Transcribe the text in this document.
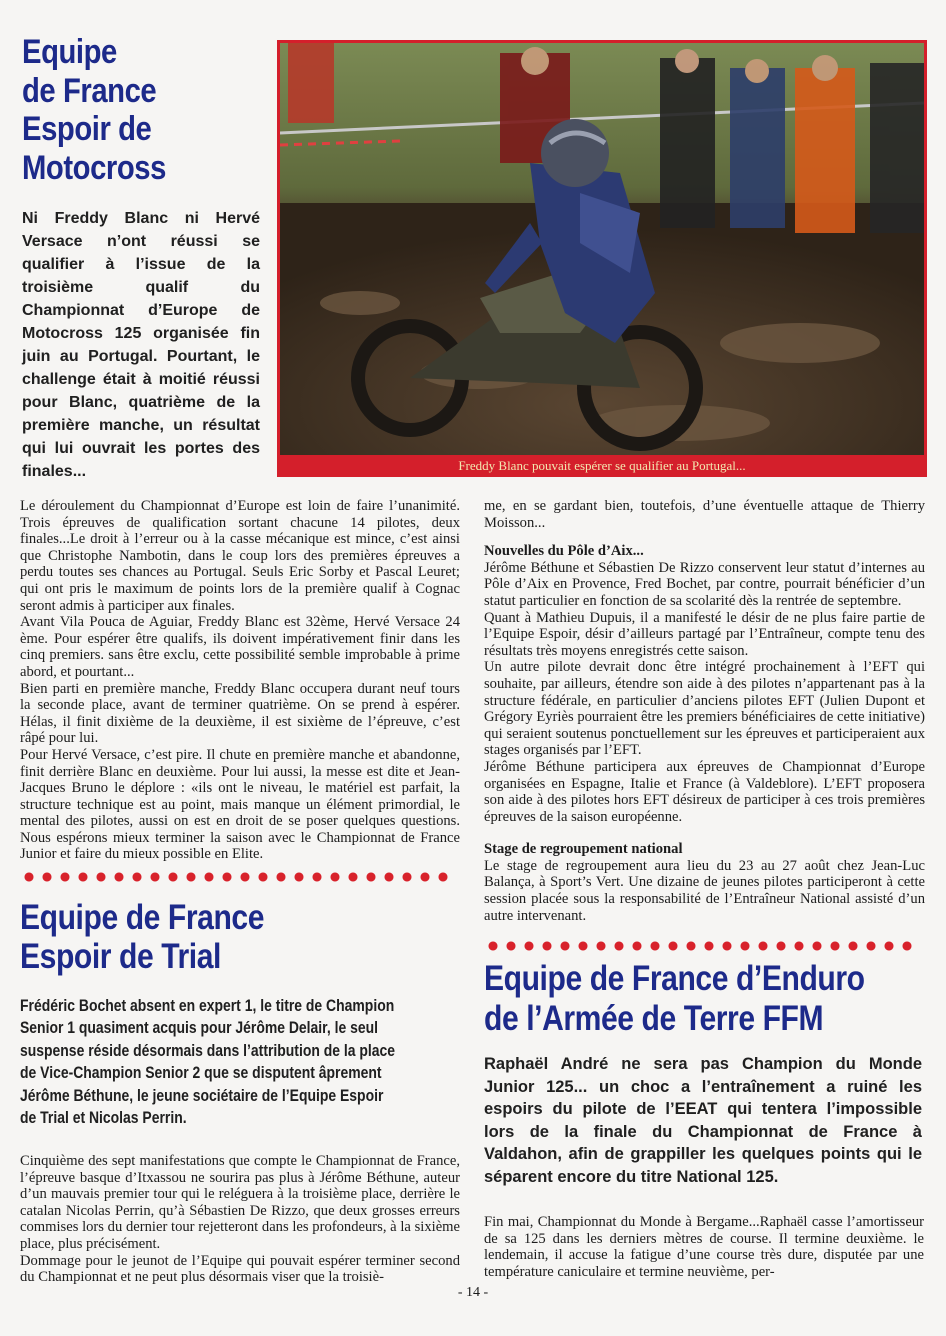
Equipe
de France
Espoir de
Motocross
Ni Freddy Blanc ni Hervé
Versace n’ont réussi se
qualifier à l’issue de la
troisième qualif du
Championnat d’Europe de
Motocross 125 organisée fin
juin au Portugal. Pourtant, le
challenge était à moitié réussi
pour Blanc, quatrième de la
première manche, un résultat
qui lui ouvrait les portes des
finales...	Freddy Blanc pouvait espérer se qualifier au Portugal...

Le déroulement du Championnat d’Europe est loin de faire l’unanimité. Trois épreuves de qualification sortant chacune 14 pilotes, deux finales...Le droit à l’erreur ou à la casse mécanique est mince, c’est ainsi que Christophe Nambotin, dans le coup lors des premières épreuves a perdu toutes ses chances au Portugal. Seuls Eric Sorby et Pascal Leuret; qui ont pris le maximum de points lors de la première qualif à Cognac seront admis à participer aux finales.

Avant Vila Pouca de Aguiar, Freddy Blanc est 32ème, Hervé Versace 24 ème. Pour espérer être qualifs, ils doivent impérativement finir dans les cinq premiers. sans être exclu, cette possibilité semble improbable à prime abord, et pourtant...

Bien parti en première manche, Freddy Blanc occupera durant neuf tours la seconde place, avant de terminer quatrième. On se prend à espérer. Hélas, il finit dixième de la deuxième, il est sixième de l’épreuve, c’est râpé pour lui.

Pour Hervé Versace, c’est pire. Il chute en première manche et abandonne, finit derrière Blanc en deuxième. Pour lui aussi, la messe est dite et Jean-Jacques Bruno le déplore : «ils ont le niveau, le matériel est parfait, la structure technique est au point, mais manque un élément primordial, le mental des pilotes, aussi on est en droit de se poser quelques questions. Nous espérons mieux terminer la saison avec le Championnat de France Junior et faire du mieux possible en Elite.

me, en se gardant bien, toutefois, d’une éventuelle attaque de Thierry Moisson...

Nouvelles du Pôle d’Aix...

Jérôme Béthune et Sébastien De Rizzo conservent leur statut d’internes au Pôle d’Aix en Provence, Fred Bochet, par contre, pourrait bénéficier d’un statut particulier en fonction de sa scolarité dès la rentrée de septembre.

Quant à Mathieu Dupuis, il a manifesté le désir de ne plus faire partie de l’Equipe Espoir, désir d’ailleurs partagé par l’Entraîneur, compte tenu des résultats très moyens enregistrés cette saison.

Un autre pilote devrait donc être intégré prochainement à l’EFT qui souhaite, par ailleurs, étendre son aide à des pilotes n’appartenant pas à la structure fédérale, en particulier d’anciens pilotes EFT (Julien Dupont et Grégory Eyriès pourraient être les premiers bénéficiaires de cette initiative) qui seraient soutenus ponctuellement sur les épreuves et participeraient aux stages organisés par l’EFT.

Jérôme Béthune participera aux épreuves de Championnat d’Europe organisées en Espagne, Italie et France (à Valdeblore). L’EFT proposera son aide à des pilotes hors EFT désireux de participer à ces trois premières épreuves de la saison européenne.

Stage de regroupement national

Le stage de regroupement aura lieu du 23 au 27 août chez Jean-Luc Balança, à Sport’s Vert. Une dizaine de jeunes pilotes participeront à cette session placée sous la responsabilité de l’Entraîneur National assisté d’un autre intervenant.

Equipe de France
Espoir de Trial
Frédéric Bochet absent en expert 1, le titre de Champion
Senior 1 quasiment acquis pour Jérôme Delair, le seul
suspense réside désormais dans l’attribution de la place
de Vice-Champion Senior 2 que se disputent âprement
Jérôme Béthune, le jeune sociétaire de l’Equipe Espoir
de Trial et Nicolas Perrin.

Cinquième des sept manifestations que compte le Championnat de France, l’épreuve basque d’Itxassou ne sourira pas plus à Jérôme Béthune, auteur d’un mauvais premier tour qui le reléguera à la troisième place, derrière le catalan Nicolas Perrin, qu’à Sébastien De Rizzo, que deux grosses erreurs commises lors du dernier tour rejetteront dans les profondeurs, à la sixième place, plus précisément.

Dommage pour le jeunot de l’Equipe qui pouvait espérer terminer second du Championnat et ne peut plus désormais viser que la troisiè-

Equipe de France d’Enduro
de l’Armée de Terre FFM
Raphaël André ne sera pas Champion du Monde
Junior 125... un choc a l’entraînement a ruiné les
espoirs du pilote de l’EEAT qui tentera l’impossible
lors de la finale du Championnat de France à
Valdahon, afin de grappiller les quelques points qui le
séparent encore du titre National 125.

Fin mai, Championnat du Monde à Bergame...Raphaël casse l’amortisseur de sa 125 dans les derniers mètres de course. Il termine deuxième. le lendemain, il accuse la fatigue d’une course très dure, disputée par une température caniculaire et termine neuvième, per-

- 14 -
